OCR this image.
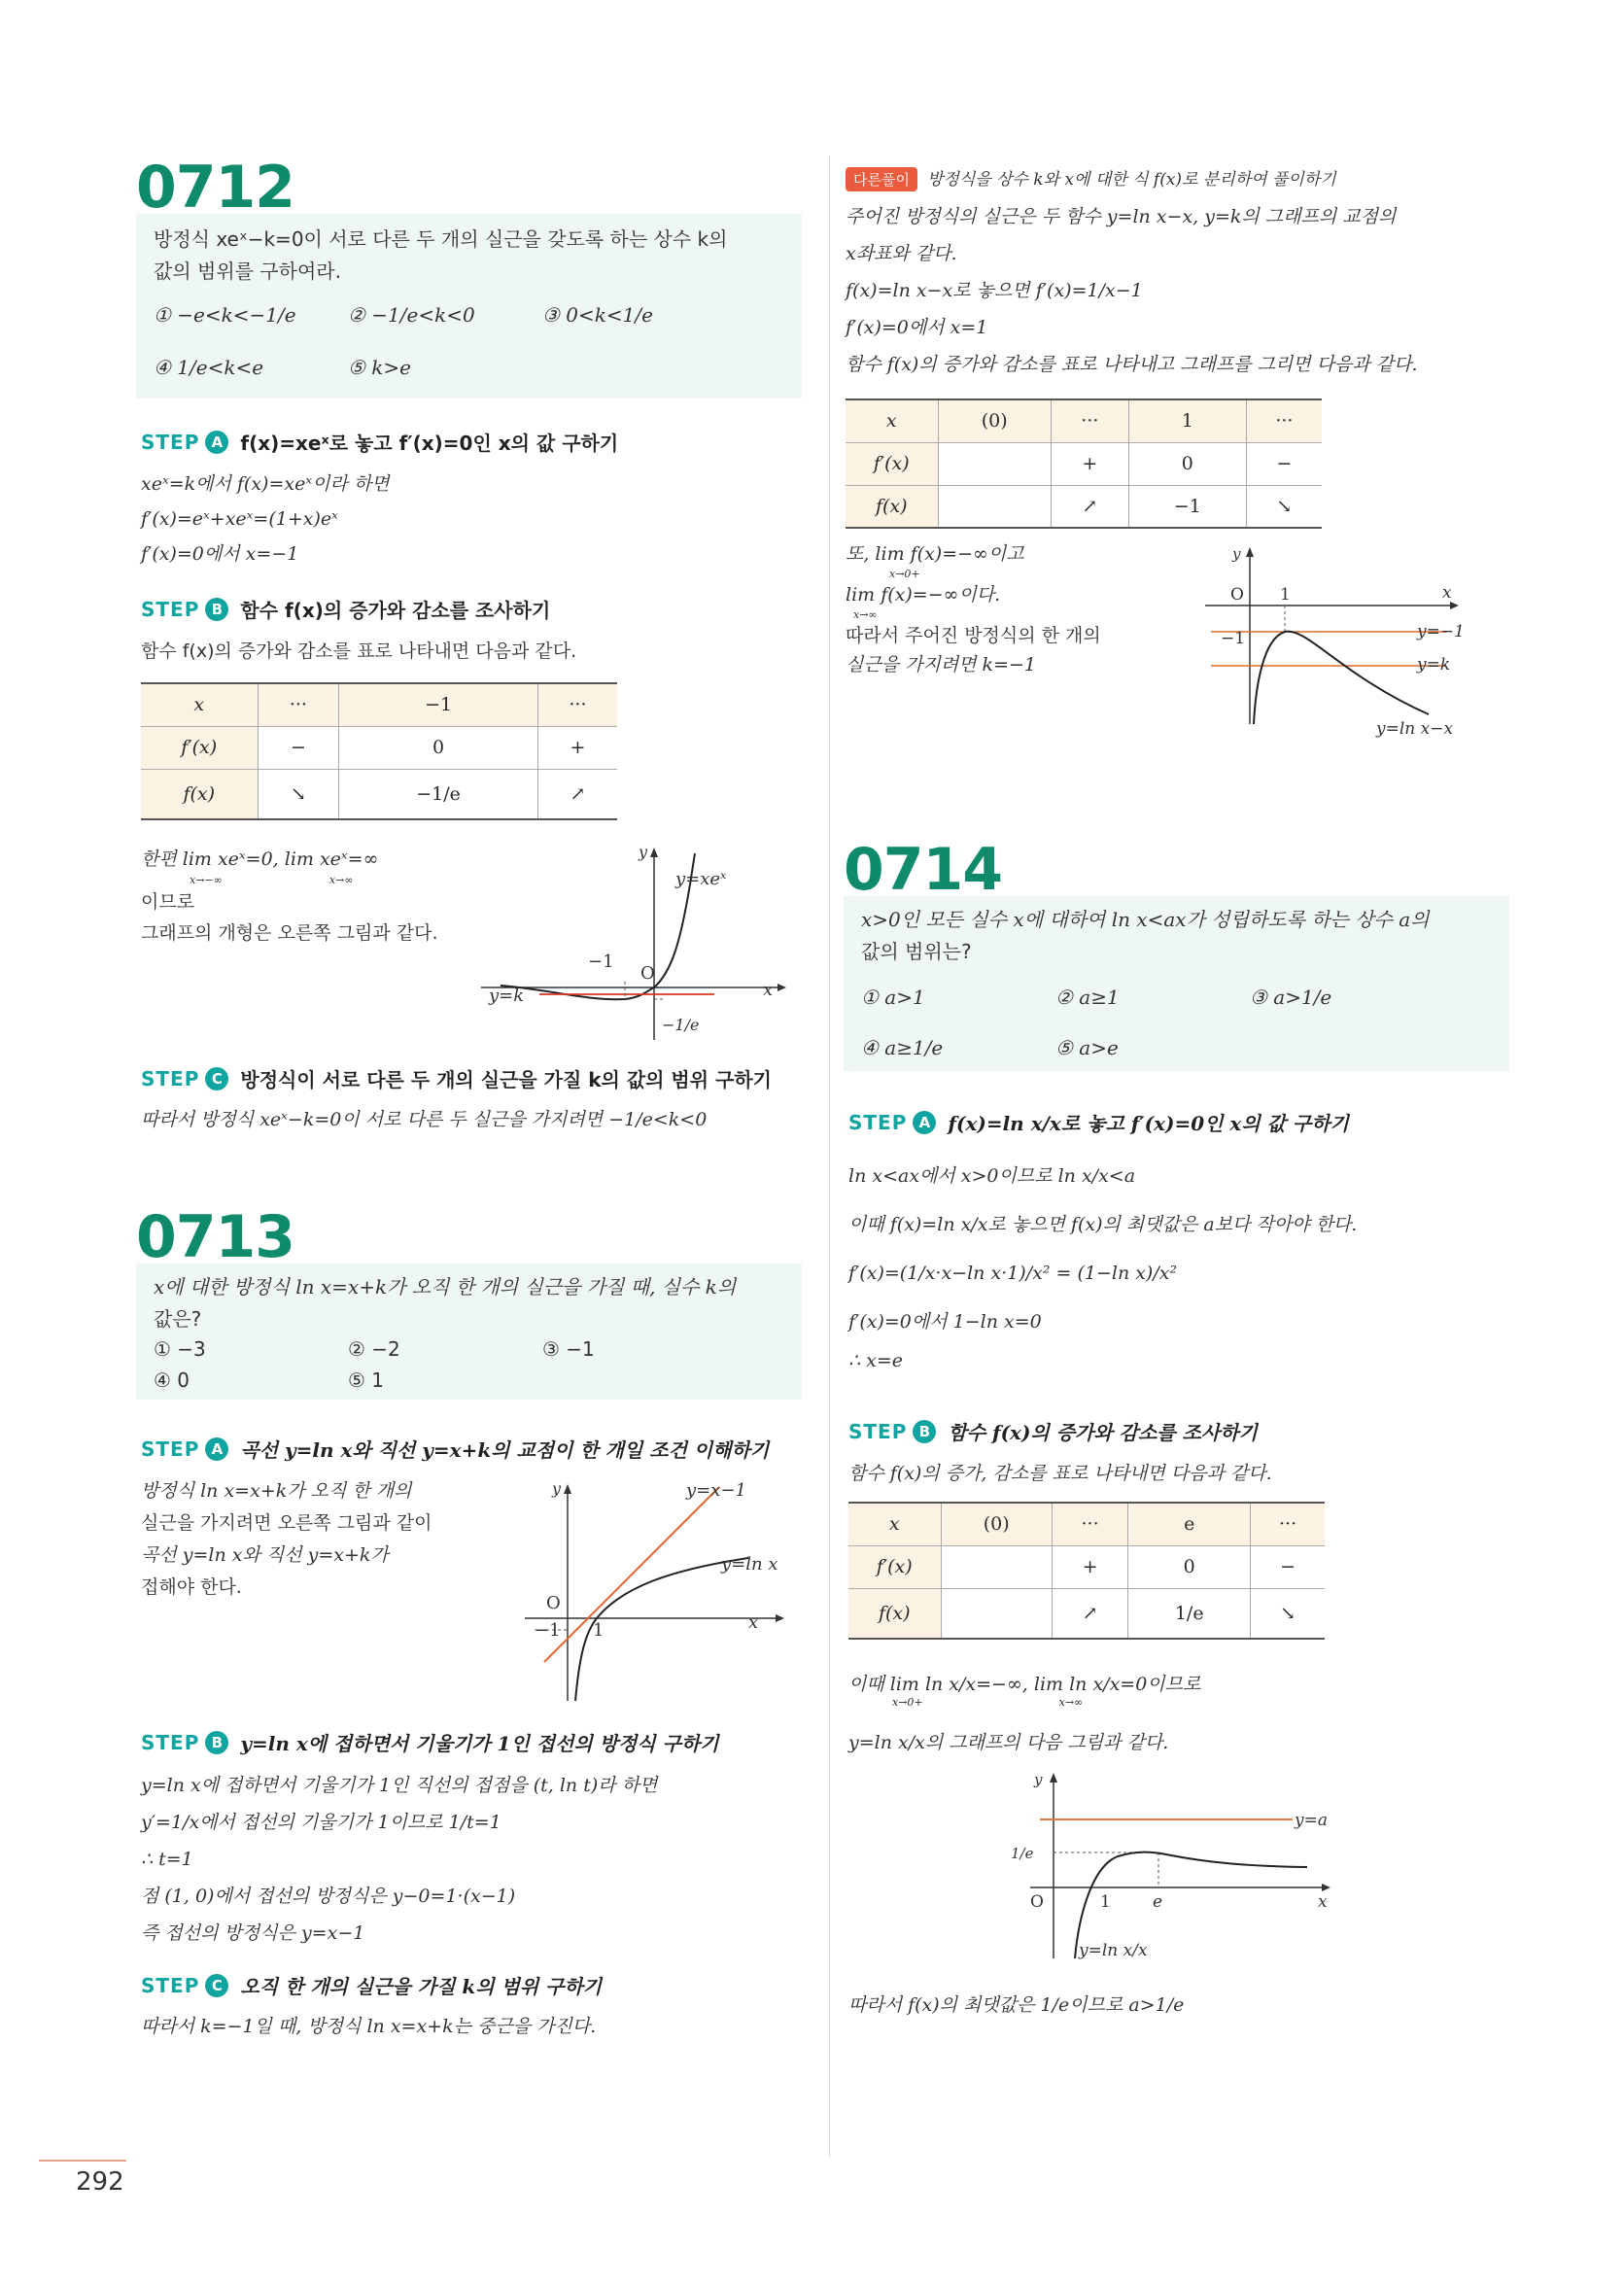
0712
방정식 xeˣ−k=0이 서로 다른 두 개의 실근을 갖도록 하는 상수 k의
값의 범위를 구하여라.
① −e<k<−1/e	② −1/e<k<0	③ 0<k<1/e
④ 1/e<k<e	⑤ k>e
STEP A f(x)=xeˣ로 놓고 f′(x)=0인 x의 값 구하기
xeˣ=k에서 f(x)=xeˣ이라 하면
f′(x)=eˣ+xeˣ=(1+x)eˣ
f′(x)=0에서 x=−1
STEP B 함수 f(x)의 증가와 감소를 조사하기
함수 f(x)의 증가와 감소를 표로 나타내면 다음과 같다.
x	···	−1	···
f′(x)	−	0	+
f(x)	↘	−1/e	↗
한편 lim xeˣ=0, lim xeˣ=∞
x→−∞	x→∞
이므로
그래프의 개형은 오른쪽 그림과 같다.
y=xeˣ
y=k
y
x
O
−1
−1/e
STEP C 방정식이 서로 다른 두 개의 실근을 가질 k의 값의 범위 구하기
따라서 방정식 xeˣ−k=0이 서로 다른 두 실근을 가지려면 −1/e<k<0
0713
x에 대한 방정식 ln x=x+k가 오직 한 개의 실근을 가질 때, 실수 k의
값은?
① −3	② −2	③ −1
④ 0	⑤ 1
STEP A 곡선 y=ln x와 직선 y=x+k의 교점이 한 개일 조건 이해하기
방정식 ln x=x+k가 오직 한 개의
실근을 가지려면 오른쪽 그림과 같이
곡선 y=ln x와 직선 y=x+k가
접해야 한다.
y=x−1
y=ln x
y
x
O
1
−1
STEP B y=ln x에 접하면서 기울기가 1인 접선의 방정식 구하기
y=ln x에 접하면서 기울기가 1인 직선의 접점을 (t, ln t)라 하면
y′=1/x에서 접선의 기울기가 1이므로 1/t=1
∴ t=1
점 (1, 0)에서 접선의 방정식은 y−0=1·(x−1)
즉 접선의 방정식은 y=x−1
STEP C 오직 한 개의 실근을 가질 k의 범위 구하기
따라서 k=−1일 때, 방정식 ln x=x+k는 중근을 가진다.
다른풀이 방정식을 상수 k와 x에 대한 식 f(x)로 분리하여 풀이하기
주어진 방정식의 실근은 두 함수 y=ln x−x, y=k의 그래프의 교점의
x좌표와 같다.
f(x)=ln x−x로 놓으면 f′(x)=1/x−1
f′(x)=0에서 x=1
함수 f(x)의 증가와 감소를 표로 나타내고 그래프를 그리면 다음과 같다.
x	(0)	···	1	···
f′(x)		+	0	−
f(x)		↗	−1	↘
또, lim f(x)=−∞이고
x→0+
lim f(x)=−∞이다.
x→∞
따라서 주어진 방정식의 한 개의
실근을 가지려면 k=−1
y
x
O 1
−1	y=−1
y=k
y=ln x−x
0714
x>0인 모든 실수 x에 대하여 ln x<ax가 성립하도록 하는 상수 a의
값의 범위는?
① a>1	② a≥1	③ a>1/e
④ a≥1/e	⑤ a>e
STEP A f(x)=ln x/x로 놓고 f′(x)=0인 x의 값 구하기
ln x<ax에서 x>0이므로 ln x/x<a
이때 f(x)=ln x/x로 놓으면 f(x)의 최댓값은 a보다 작아야 한다.
f′(x)=(1/x·x−ln x·1)/x² = (1−ln x)/x²
f′(x)=0에서 1−ln x=0
∴ x=e
STEP B 함수 f(x)의 증가와 감소를 조사하기
함수 f(x)의 증가, 감소를 표로 나타내면 다음과 같다.
x	(0)	···	e	···
f′(x)		+	0	−
f(x)		↗	1/e	↘
이때 lim ln x/x=−∞, lim ln x/x=0이므로
x→0+	x→∞
y=ln x/x의 그래프의 다음 그림과 같다.
y
x
O	1	e
1/e
y=a
y=ln x/x
따라서 f(x)의 최댓값은 1/e이므로 a>1/e
292
